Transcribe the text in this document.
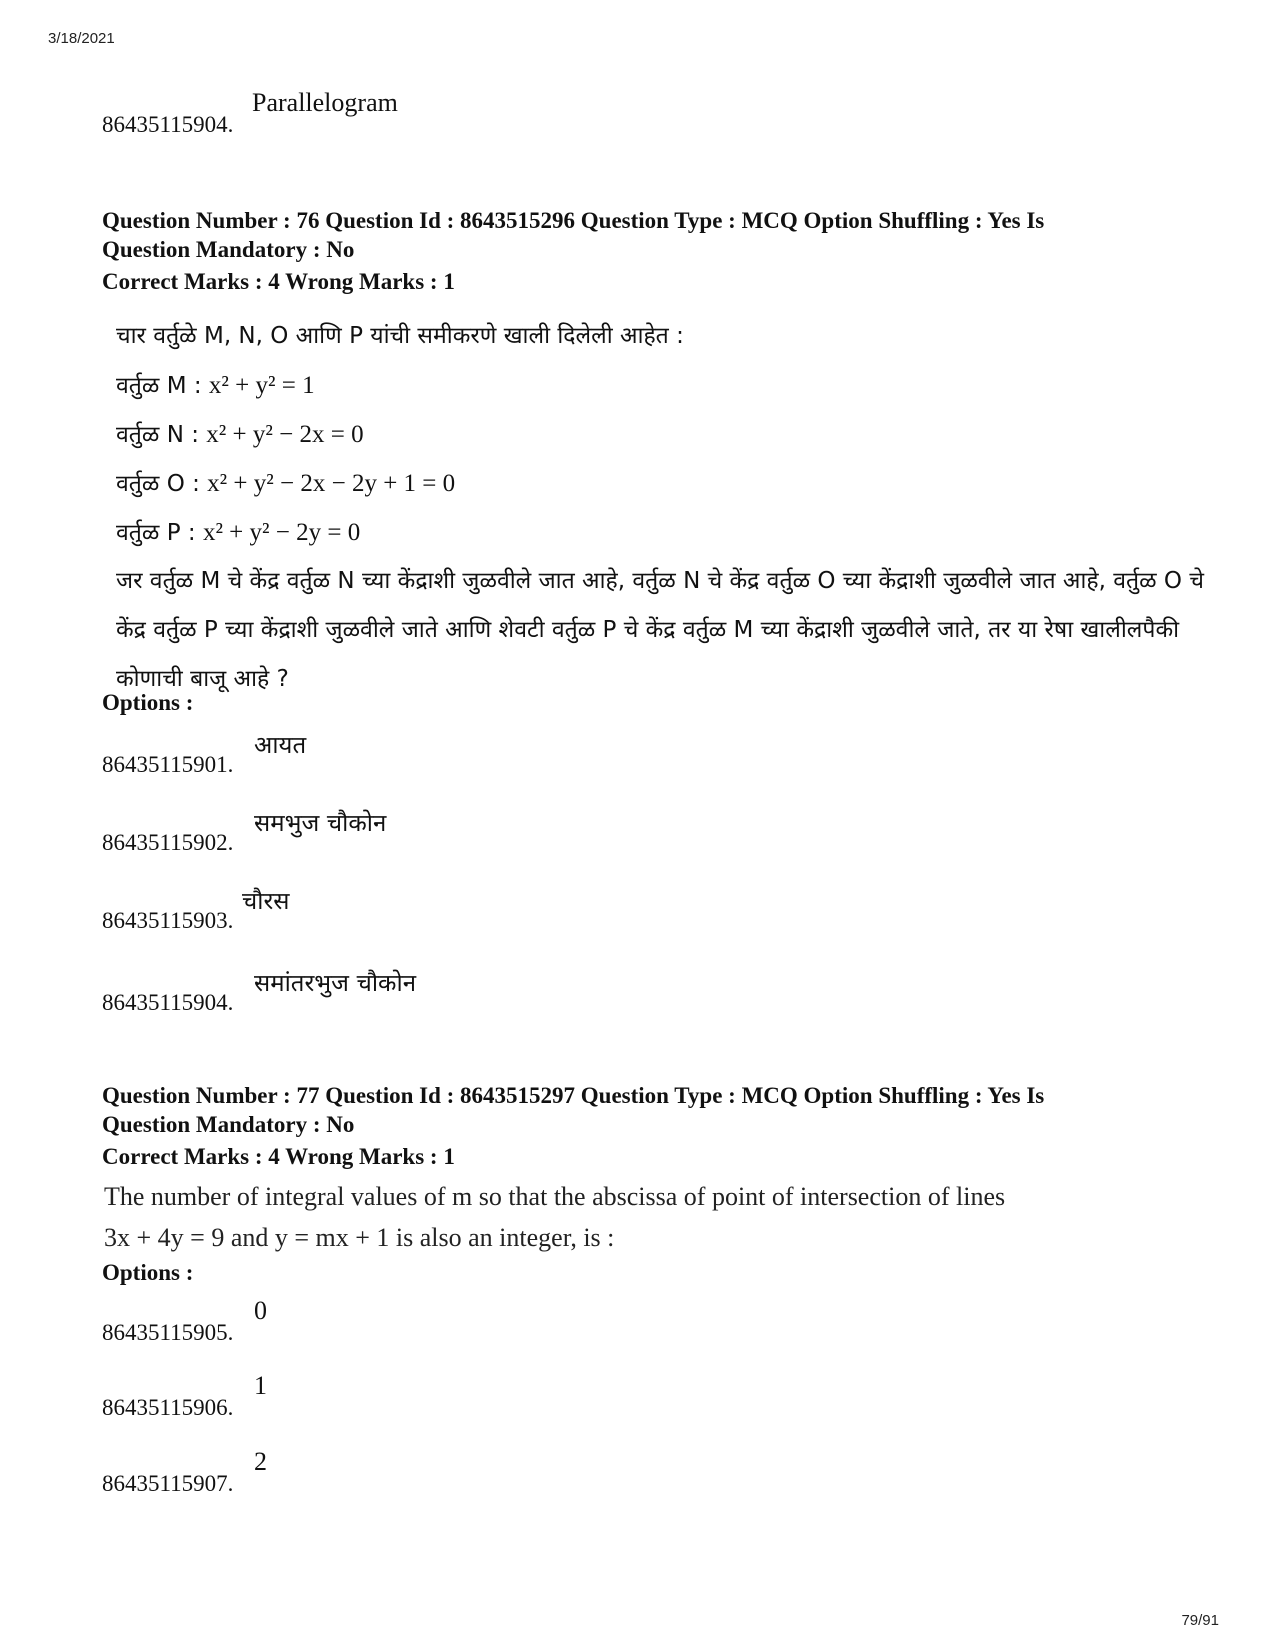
3/18/2021
86435115904.
Parallelogram
Question Number : 76 Question Id : 8643515296 Question Type : MCQ Option Shuffling : Yes Is
Question Mandatory : No
Correct Marks : 4 Wrong Marks : 1
चार वर्तुळे M, N, O आणि P यांची समीकरणे खाली दिलेली आहेत :
वर्तुळ M : x² + y² = 1
वर्तुळ N : x² + y² − 2x = 0
वर्तुळ O : x² + y² − 2x − 2y + 1 = 0
वर्तुळ P : x² + y² − 2y = 0

जर वर्तुळ M चे केंद्र वर्तुळ N च्या केंद्राशी जुळवीले जात आहे, वर्तुळ N चे केंद्र वर्तुळ O च्या केंद्राशी जुळवीले जात आहे, वर्तुळ O चे केंद्र वर्तुळ P च्या केंद्राशी जुळवीले जाते आणि शेवटी वर्तुळ P चे केंद्र वर्तुळ M च्या केंद्राशी जुळवीले जाते, तर या रेषा खालीलपैकी कोणाची बाजू आहे ?

Options :
86435115901.
आयत
86435115902.
समभुज चौकोन
86435115903.
चौरस
86435115904.
समांतरभुज चौकोन
Question Number : 77 Question Id : 8643515297 Question Type : MCQ Option Shuffling : Yes Is
Question Mandatory : No
Correct Marks : 4 Wrong Marks : 1

The number of integral values of m so that the abscissa of point of intersection of lines

3x + 4y = 9 and y = mx + 1 is also an integer, is :

Options :
86435115905.
0
86435115906.
1
86435115907.
2
79/91
